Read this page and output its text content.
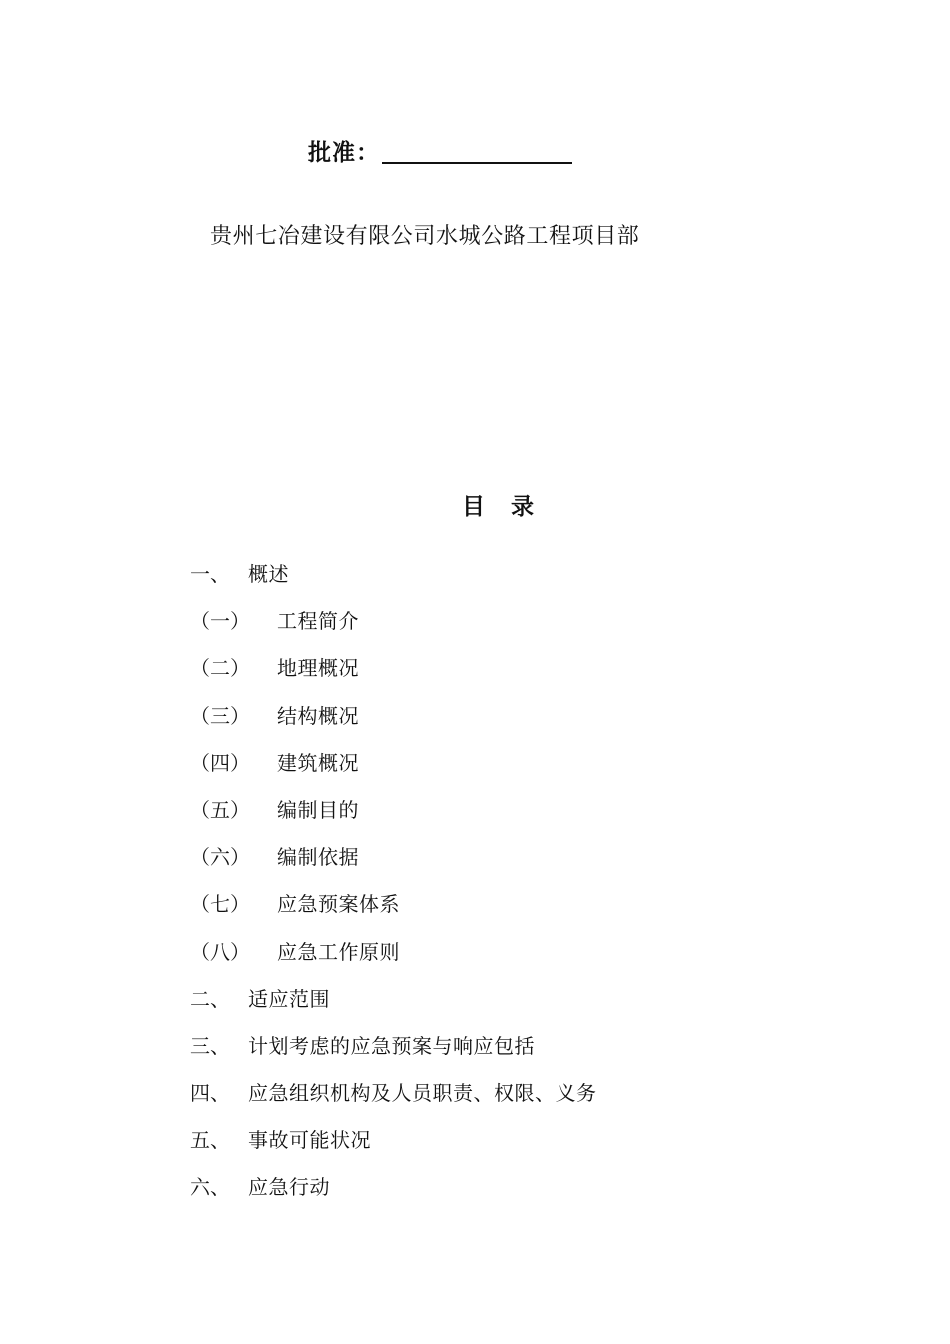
批准：
贵州七冶建设有限公司水城公路工程项目部
目录
一、 概述
（一）	工程简介
（二）	地理概况
（三）	结构概况
（四）	建筑概况
（五）	编制目的
（六）	编制依据
（七）	应急预案体系
（八）	应急工作原则
二、 适应范围
三、 计划考虑的应急预案与响应包括
四、 应急组织机构及人员职责、权限、义务
五、 事故可能状况
六、 应急行动
